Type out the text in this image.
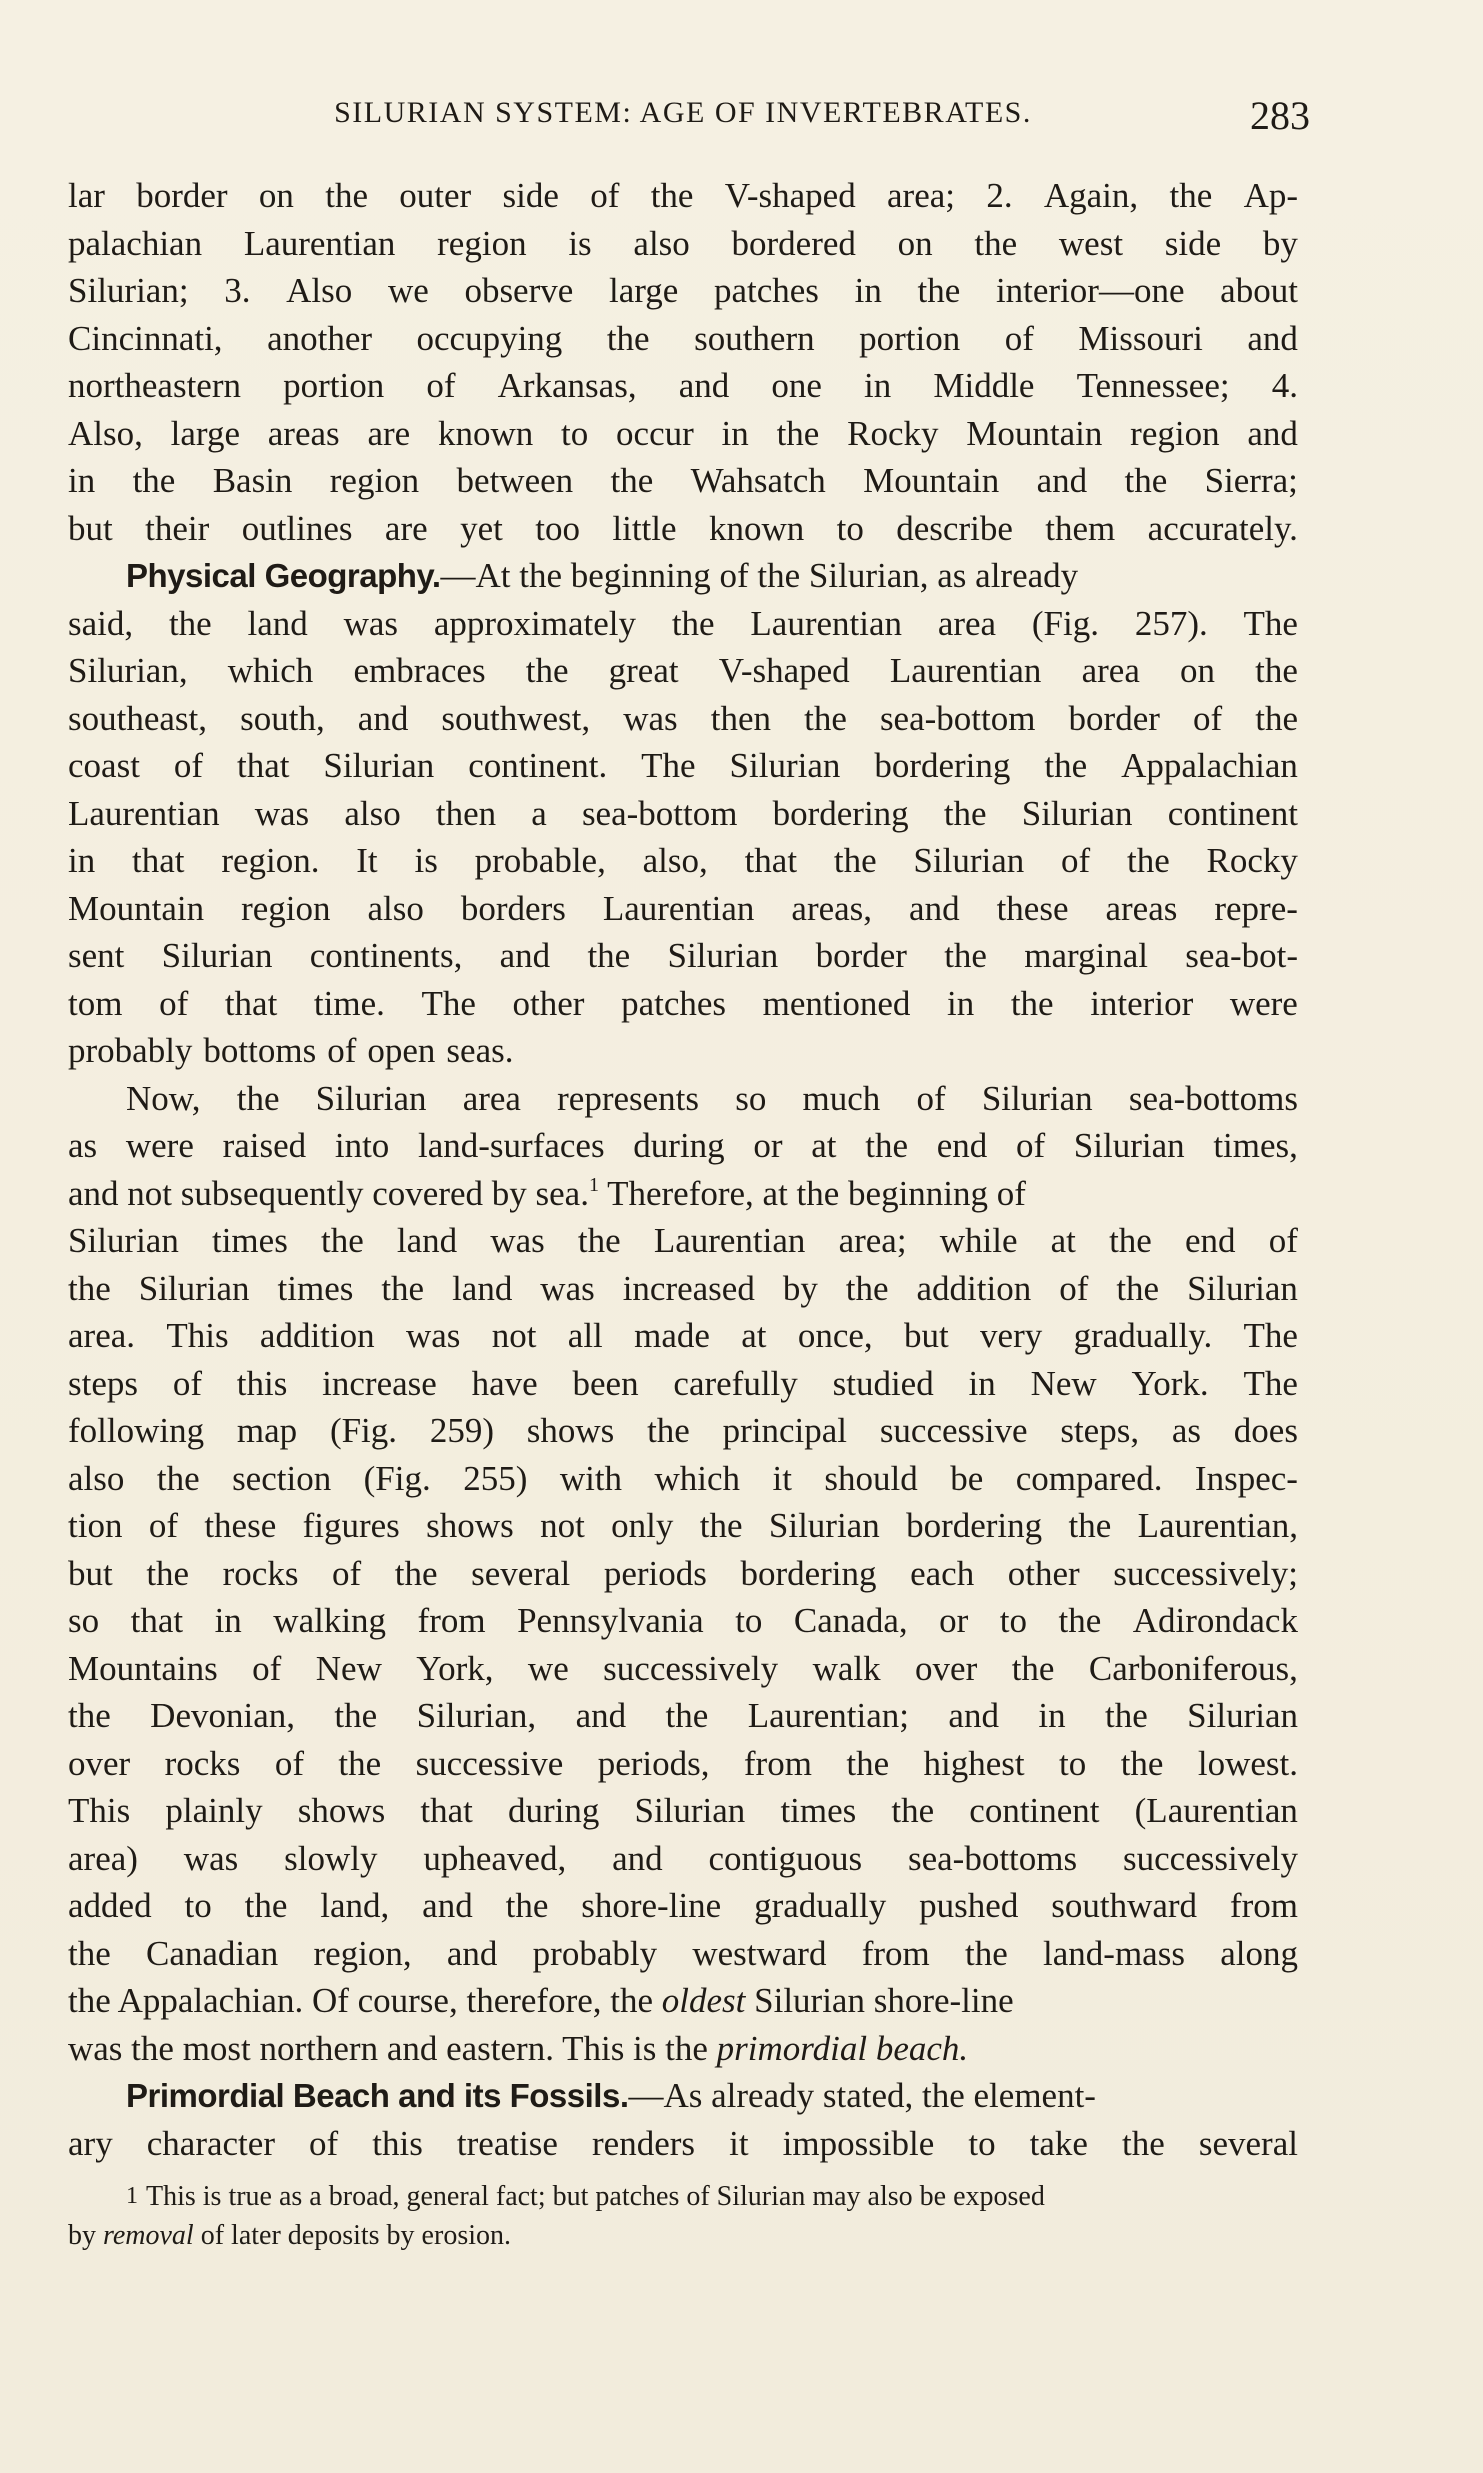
SILURIAN SYSTEM: AGE OF INVERTEBRATES.	283
lar border on the outer side of the V-shaped area; 2. Again, the Ap-
palachian Laurentian region is also bordered on the west side by
Silurian; 3. Also we observe large patches in the interior—one about
Cincinnati, another occupying the southern portion of Missouri and
northeastern portion of Arkansas, and one in Middle Tennessee; 4.
Also, large areas are known to occur in the Rocky Mountain region and
in the Basin region between the Wahsatch Mountain and the Sierra;
but their outlines are yet too little known to describe them accurately.
Physical Geography.—At the beginning of the Silurian, as already
said, the land was approximately the Laurentian area (Fig. 257). The
Silurian, which embraces the great V-shaped Laurentian area on the
southeast, south, and southwest, was then the sea-bottom border of the
coast of that Silurian continent. The Silurian bordering the Appalachian
Laurentian was also then a sea-bottom bordering the Silurian continent
in that region. It is probable, also, that the Silurian of the Rocky
Mountain region also borders Laurentian areas, and these areas repre-
sent Silurian continents, and the Silurian border the marginal sea-bot-
tom of that time. The other patches mentioned in the interior were
probably bottoms of open seas.
Now, the Silurian area represents so much of Silurian sea-bottoms
as were raised into land-surfaces during or at the end of Silurian times,
and not subsequently covered by sea.$^1$ Therefore, at the beginning of
Silurian times the land was the Laurentian area; while at the end of
the Silurian times the land was increased by the addition of the Silurian
area. This addition was not all made at once, but very gradually. The
steps of this increase have been carefully studied in New York. The
following map (Fig. 259) shows the principal successive steps, as does
also the section (Fig. 255) with which it should be compared. Inspec-
tion of these figures shows not only the Silurian bordering the Laurentian,
but the rocks of the several periods bordering each other successively;
so that in walking from Pennsylvania to Canada, or to the Adirondack
Mountains of New York, we successively walk over the Carboniferous,
the Devonian, the Silurian, and the Laurentian; and in the Silurian
over rocks of the successive periods, from the highest to the lowest.
This plainly shows that during Silurian times the continent (Laurentian
area) was slowly upheaved, and contiguous sea-bottoms successively
added to the land, and the shore-line gradually pushed southward from
the Canadian region, and probably westward from the land-mass along
the Appalachian. Of course, therefore, the oldest Silurian shore-line
was the most northern and eastern. This is the primordial beach.
Primordial Beach and its Fossils.—As already stated, the element-
ary character of this treatise renders it impossible to take the several
1 This is true as a broad, general fact; but patches of Silurian may also be exposed
by removal of later deposits by erosion.
